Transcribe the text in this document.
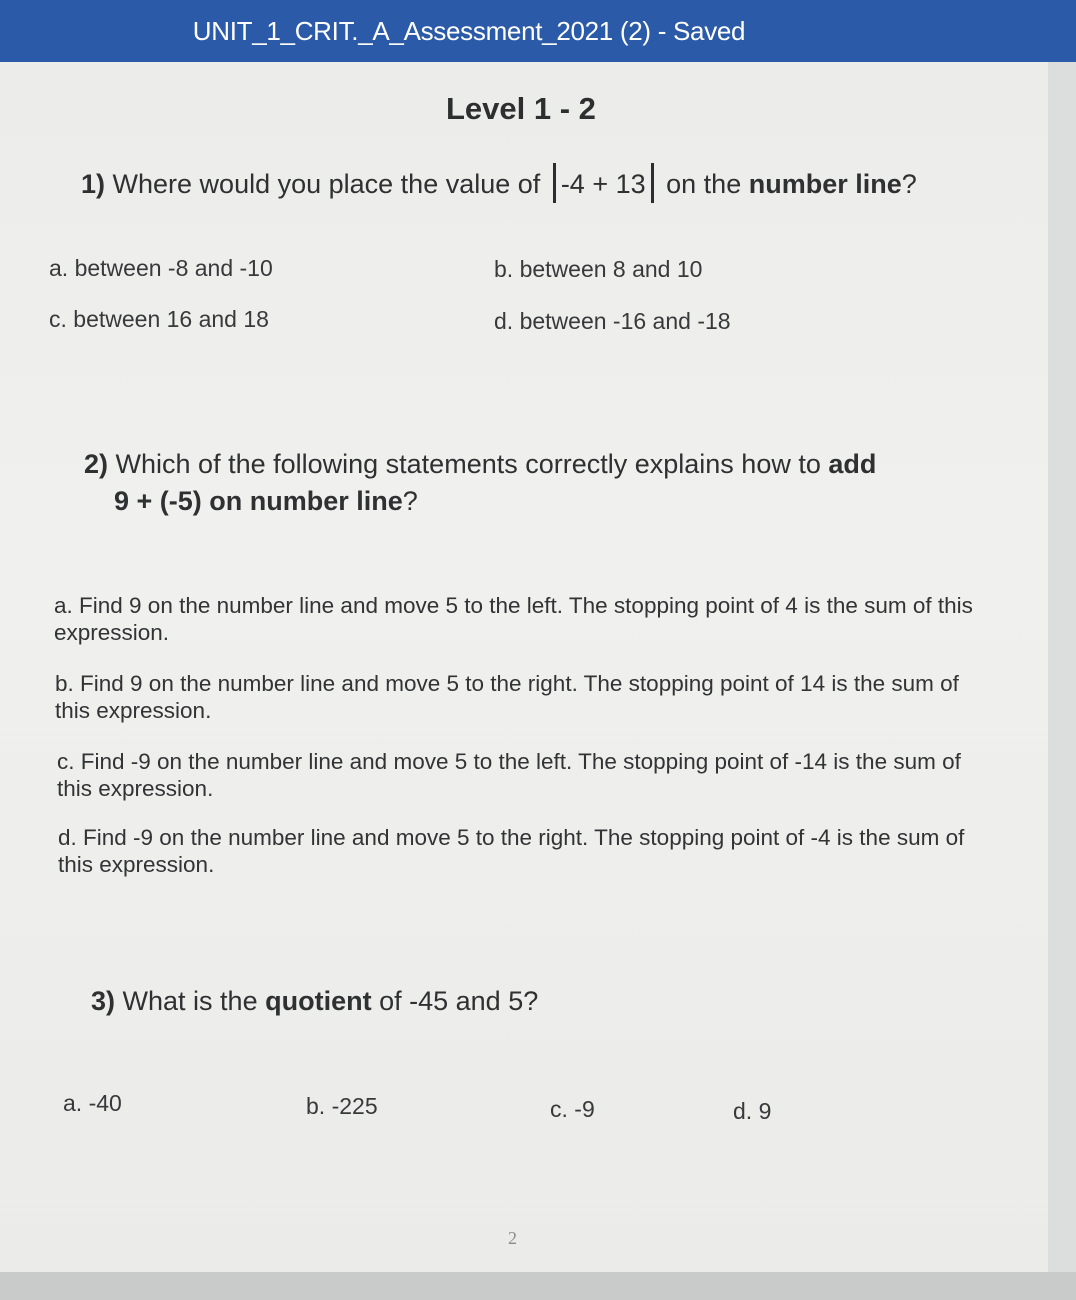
UNIT_1_CRIT._A_Assessment_2021 (2) - Saved
Level 1 - 2
1) Where would you place the value of -4 + 13 on the number line?
a. between -8 and -10	b. between 8 and 10
c. between 16 and 18	d. between -16 and -18
2) Which of the following statements correctly explains how to add
9 + (-5) on number line?
a. Find 9 on the number line and move 5 to the left. The stopping point of 4 is the sum of this expression.
b. Find 9 on the number line and move 5 to the right. The stopping point of 14 is the sum of this expression.
c. Find -9 on the number line and move 5 to the left. The stopping point of -14 is the sum of this expression.
d. Find -9 on the number line and move 5 to the right. The stopping point of -4 is the sum of this expression.
3) What is the quotient of -45 and 5?
a. -40	b. -225	c. -9	d. 9
2
